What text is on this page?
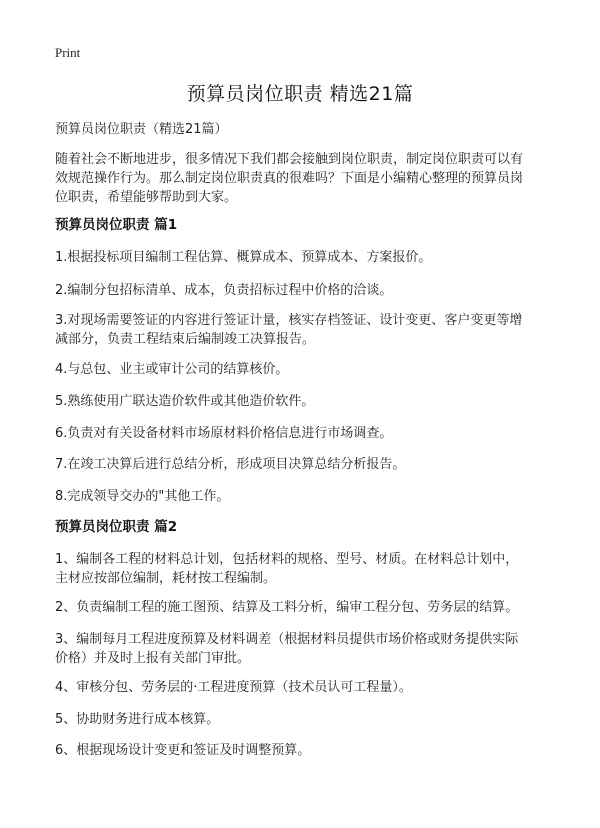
Print
预算员岗位职责 精选21篇
预算员岗位职责（精选21篇）
随着社会不断地进步，很多情况下我们都会接触到岗位职责，制定岗位职责可以有
效规范操作行为。那么制定岗位职责真的很难吗？下面是小编精心整理的预算员岗
位职责，希望能够帮助到大家。
预算员岗位职责 篇1
1.根据投标项目编制工程估算、概算成本、预算成本、方案报价。
2.编制分包招标清单、成本，负责招标过程中价格的洽谈。
3.对现场需要签证的内容进行签证计量，核实存档签证、设计变更、客户变更等增
减部分，负责工程结束后编制竣工决算报告。
4.与总包、业主或审计公司的结算核价。
5.熟练使用广联达造价软件或其他造价软件。
6.负责对有关设备材料市场原材料价格信息进行市场调查。
7.在竣工决算后进行总结分析，形成项目决算总结分析报告。
8.完成领导交办的"其他工作。
预算员岗位职责 篇2
1、编制各工程的材料总计划，包括材料的规格、型号、材质。在材料总计划中，
主材应按部位编制，耗材按工程编制。
2、负责编制工程的施工图预、结算及工料分析，编审工程分包、劳务层的结算。
3、编制每月工程进度预算及材料调差（根据材料员提供市场价格或财务提供实际
价格）并及时上报有关部门审批。
4、审核分包、劳务层的·工程进度预算（技术员认可工程量）。
5、协助财务进行成本核算。
6、根据现场设计变更和签证及时调整预算。
